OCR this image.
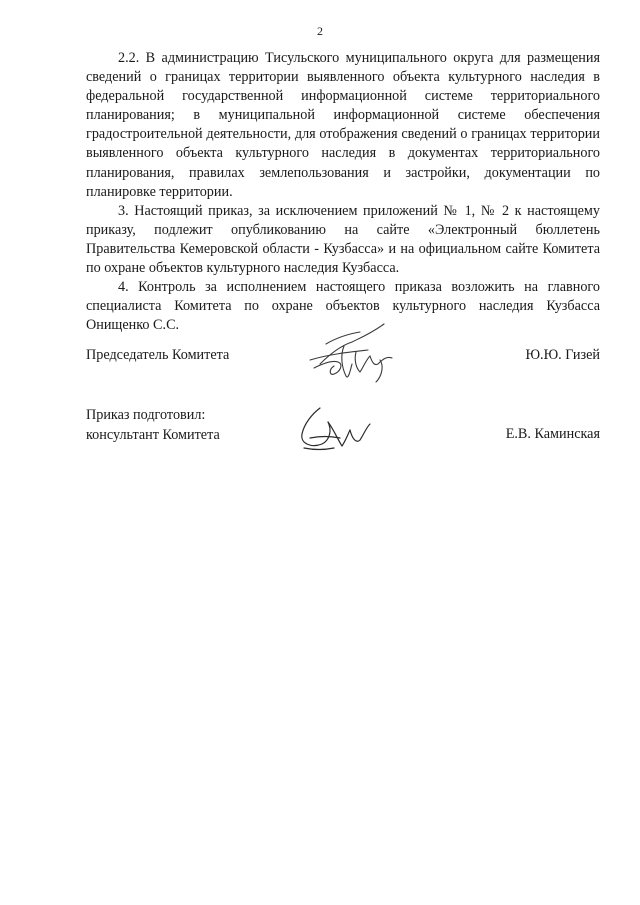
2

2.2. В администрацию Тисульского муниципального округа для размещения сведений о границах территории выявленного объекта культурного наследия в федеральной государственной информационной системе территориального планирования; в муниципальной информационной системе обеспечения градостроительной деятельности, для отображения сведений о границах территории выявленного объекта культурного наследия в документах территориального планирования, правилах землепользования и застройки, документации по планировке территории.

3. Настоящий приказ, за исключением приложений № 1, № 2 к настоящему приказу, подлежит опубликованию на сайте «Электронный бюллетень Правительства Кемеровской области - Кузбасса» и на официальном сайте Комитета по охране объектов культурного наследия Кузбасса.

4. Контроль за исполнением настоящего приказа возложить на главного специалиста Комитета по охране объектов культурного наследия Кузбасса Онищенко С.С.

Председатель Комитета	Ю.Ю. Гизей
Приказ подготовил:
консультант Комитета	Е.В. Каминская
